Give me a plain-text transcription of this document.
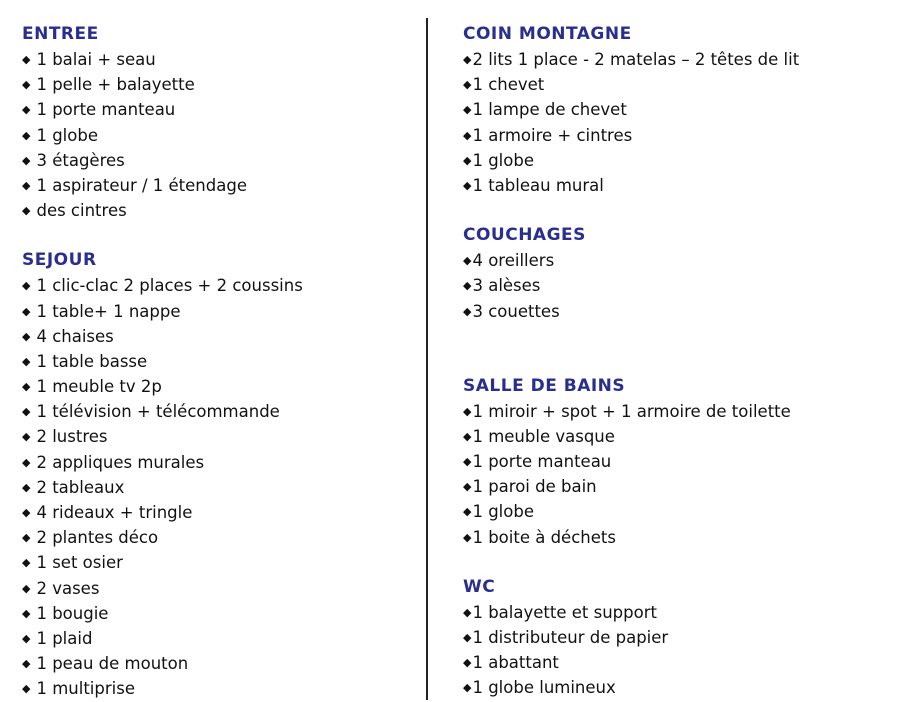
ENTREE
◆ 1 balai + seau
◆ 1 pelle + balayette
◆ 1 porte manteau
◆ 1 globe
◆ 3 étagères
◆ 1 aspirateur / 1 étendage
◆ des cintres
SEJOUR
◆ 1 clic-clac 2 places + 2 coussins
◆ 1 table+ 1 nappe
◆ 4 chaises
◆ 1 table basse
◆ 1 meuble tv 2p
◆ 1 télévision + télécommande
◆ 2 lustres
◆ 2 appliques murales
◆ 2 tableaux
◆ 4 rideaux + tringle
◆ 2 plantes déco
◆ 1 set osier
◆ 2 vases
◆ 1 bougie
◆ 1 plaid
◆ 1 peau de mouton
◆ 1 multiprise
COIN MONTAGNE
◆2 lits 1 place - 2 matelas – 2 têtes de lit
◆1 chevet
◆1 lampe de chevet
◆1 armoire + cintres
◆1 globe
◆1 tableau mural
COUCHAGES
◆4 oreillers
◆3 alèses
◆3 couettes
SALLE DE BAINS
◆1 miroir + spot + 1 armoire de toilette
◆1 meuble vasque
◆1 porte manteau
◆1 paroi de bain
◆1 globe
◆1 boite à déchets
WC
◆1 balayette et support
◆1 distributeur de papier
◆1 abattant
◆1 globe lumineux
